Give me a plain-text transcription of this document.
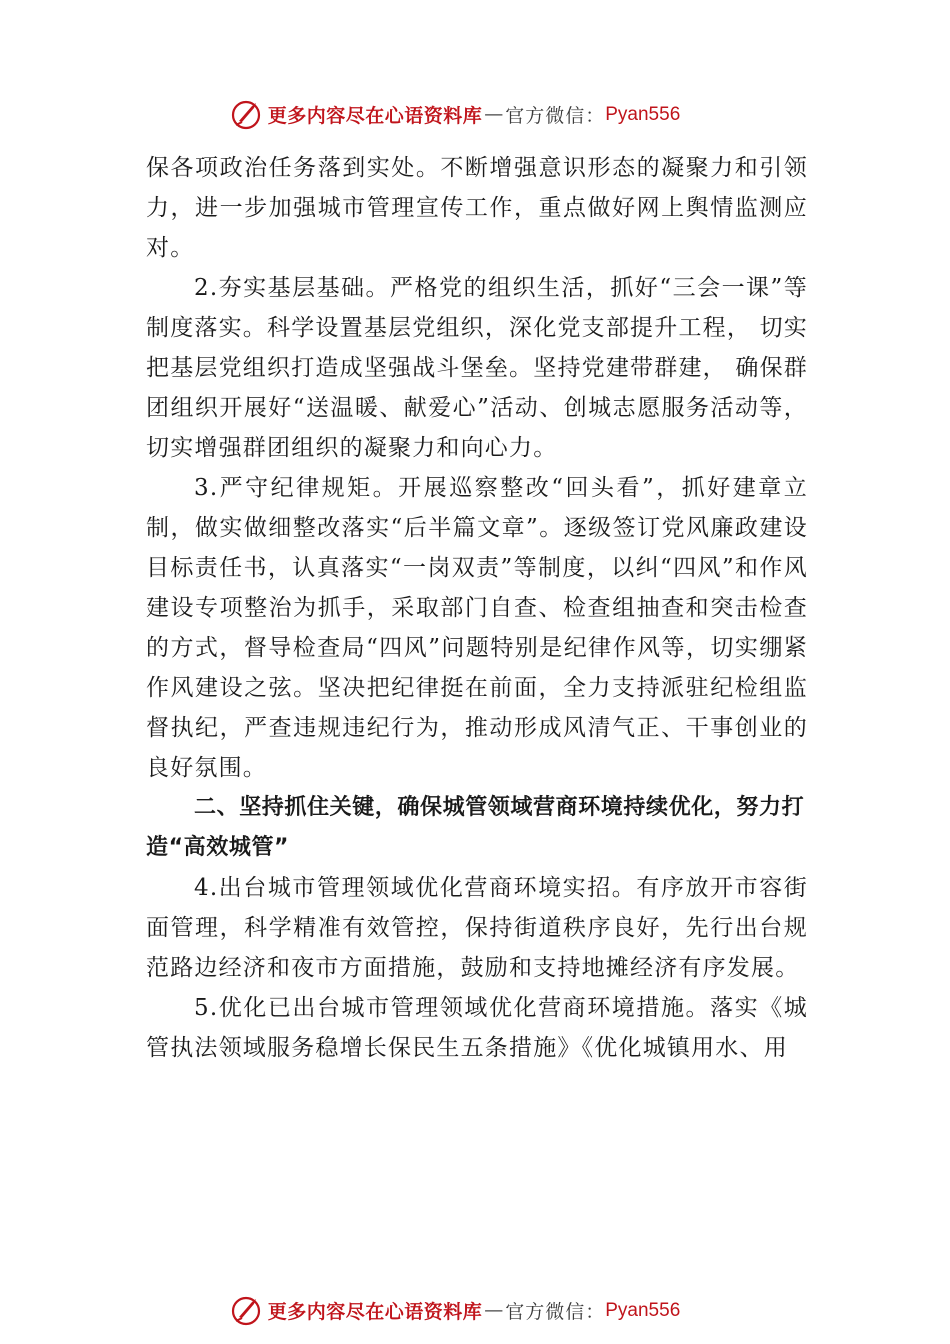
更多内容尽在心语资料库 — 官方微信： Pyan556

保各项政治任务落到实处。不断增强意识形态的凝聚力和引领力，进一步加强城市管理宣传工作，重点做好网上舆情监测应对。

2.夯实基层基础。严格党的组织生活，抓好“三会一课”等制度落实。科学设置基层党组织，深化党支部提升工程， 切实把基层党组织打造成坚强战斗堡垒。坚持党建带群建， 确保群团组织开展好“送温暖、献爱心”活动、创城志愿服务活动等，切实增强群团组织的凝聚力和向心力。

3.严守纪律规矩。开展巡察整改“回头看”，抓好建章立制，做实做细整改落实“后半篇文章”。逐级签订党风廉政建设目标责任书，认真落实“一岗双责”等制度，以纠“四风”和作风建设专项整治为抓手，采取部门自查、检查组抽查和突击检查的方式，督导检查局“四风”问题特别是纪律作风等，切实绷紧作风建设之弦。坚决把纪律挺在前面，全力支持派驻纪检组监督执纪，严查违规违纪行为，推动形成风清气正、干事创业的良好氛围。

二、坚持抓住关键，确保城管领域营商环境持续优化，努力打造“高效城管”

4.出台城市管理领域优化营商环境实招。有序放开市容街面管理，科学精准有效管控，保持街道秩序良好，先行出台规范路边经济和夜市方面措施，鼓励和支持地摊经济有序发展。

5.优化已出台城市管理领域优化营商环境措施。落实《城管执法领域服务稳增长保民生五条措施》《优化城镇用水、用

更多内容尽在心语资料库 — 官方微信： Pyan556
